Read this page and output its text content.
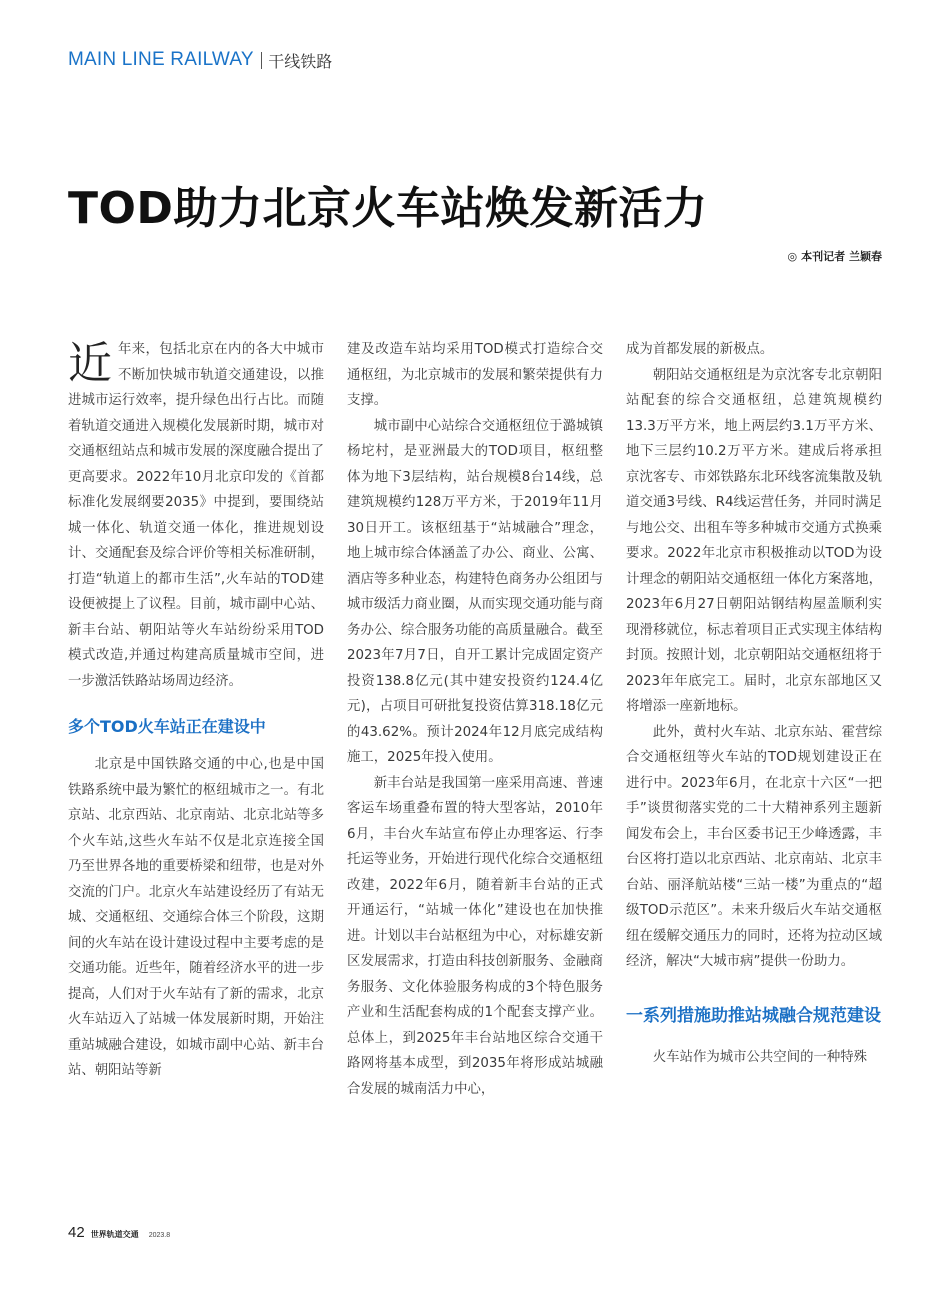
MAIN LINE RAILWAY 干线铁路
TOD助力北京火车站焕发新活力
◎ 本刊记者 兰颖春

近年来，包括北京在内的各大中城市不断加快城市轨道交通建设，以推进城市运行效率，提升绿色出行占比。而随着轨道交通进入规模化发展新时期，城市对交通枢纽站点和城市发展的深度融合提出了更高要求。2022年10月北京印发的《首都标准化发展纲要2035》中提到，要围绕站城一体化、轨道交通一体化，推进规划设计、交通配套及综合评价等相关标准研制，打造“轨道上的都市生活”,火车站的TOD建设便被提上了议程。目前，城市副中心站、新丰台站、朝阳站等火车站纷纷采用TOD模式改造,并通过构建高质量城市空间，进一步激活铁路站场周边经济。

多个TOD火车站正在建设中

北京是中国铁路交通的中心,也是中国铁路系统中最为繁忙的枢纽城市之一。有北京站、北京西站、北京南站、北京北站等多个火车站,这些火车站不仅是北京连接全国乃至世界各地的重要桥梁和纽带，也是对外交流的门户。北京火车站建设经历了有站无城、交通枢纽、交通综合体三个阶段，这期间的火车站在设计建设过程中主要考虑的是交通功能。近些年，随着经济水平的进一步提高，人们对于火车站有了新的需求，北京火车站迈入了站城一体发展新时期，开始注重站城融合建设，如城市副中心站、新丰台站、朝阳站等新

建及改造车站均采用TOD模式打造综合交通枢纽，为北京城市的发展和繁荣提供有力支撑。

城市副中心站综合交通枢纽位于潞城镇杨坨村，是亚洲最大的TOD项目，枢纽整体为地下3层结构，站台规模8台14线，总建筑规模约128万平方米，于2019年11月30日开工。该枢纽基于“站城融合”理念，地上城市综合体涵盖了办公、商业、公寓、酒店等多种业态，构建特色商务办公组团与城市级活力商业圈，从而实现交通功能与商务办公、综合服务功能的高质量融合。截至2023年7月7日，自开工累计完成固定资产投资138.8亿元(其中建安投资约124.4亿元)，占项目可研批复投资估算318.18亿元的43.62%。预计2024年12月底完成结构施工，2025年投入使用。

新丰台站是我国第一座采用高速、普速客运车场重叠布置的特大型客站，2010年6月，丰台火车站宣布停止办理客运、行李托运等业务，开始进行现代化综合交通枢纽改建，2022年6月，随着新丰台站的正式开通运行，“站城一体化”建设也在加快推进。计划以丰台站枢纽为中心，对标雄安新区发展需求，打造由科技创新服务、金融商务服务、文化体验服务构成的3个特色服务产业和生活配套构成的1个配套支撑产业。总体上，到2025年丰台站地区综合交通干路网将基本成型，到2035年将形成站城融合发展的城南活力中心，

成为首都发展的新极点。

朝阳站交通枢纽是为京沈客专北京朝阳站配套的综合交通枢纽，总建筑规模约13.3万平方米，地上两层约3.1万平方米、地下三层约10.2万平方米。建成后将承担京沈客专、市郊铁路东北环线客流集散及轨道交通3号线、R4线运营任务，并同时满足与地公交、出租车等多种城市交通方式换乘要求。2022年北京市积极推动以TOD为设计理念的朝阳站交通枢纽一体化方案落地，2023年6月27日朝阳站钢结构屋盖顺利实现滑移就位，标志着项目正式实现主体结构封顶。按照计划，北京朝阳站交通枢纽将于2023年年底完工。届时，北京东部地区又将增添一座新地标。

此外，黄村火车站、北京东站、霍营综合交通枢纽等火车站的TOD规划建设正在进行中。2023年6月，在北京十六区“一把手”谈贯彻落实党的二十大精神系列主题新闻发布会上，丰台区委书记王少峰透露，丰台区将打造以北京西站、北京南站、北京丰台站、丽泽航站楼“三站一楼”为重点的“超级TOD示范区”。未来升级后火车站交通枢纽在缓解交通压力的同时，还将为拉动区域经济，解决“大城市病”提供一份助力。

一系列措施助推站城融合规范建设

火车站作为城市公共空间的一种特殊

42 世界轨道交通 2023.8
